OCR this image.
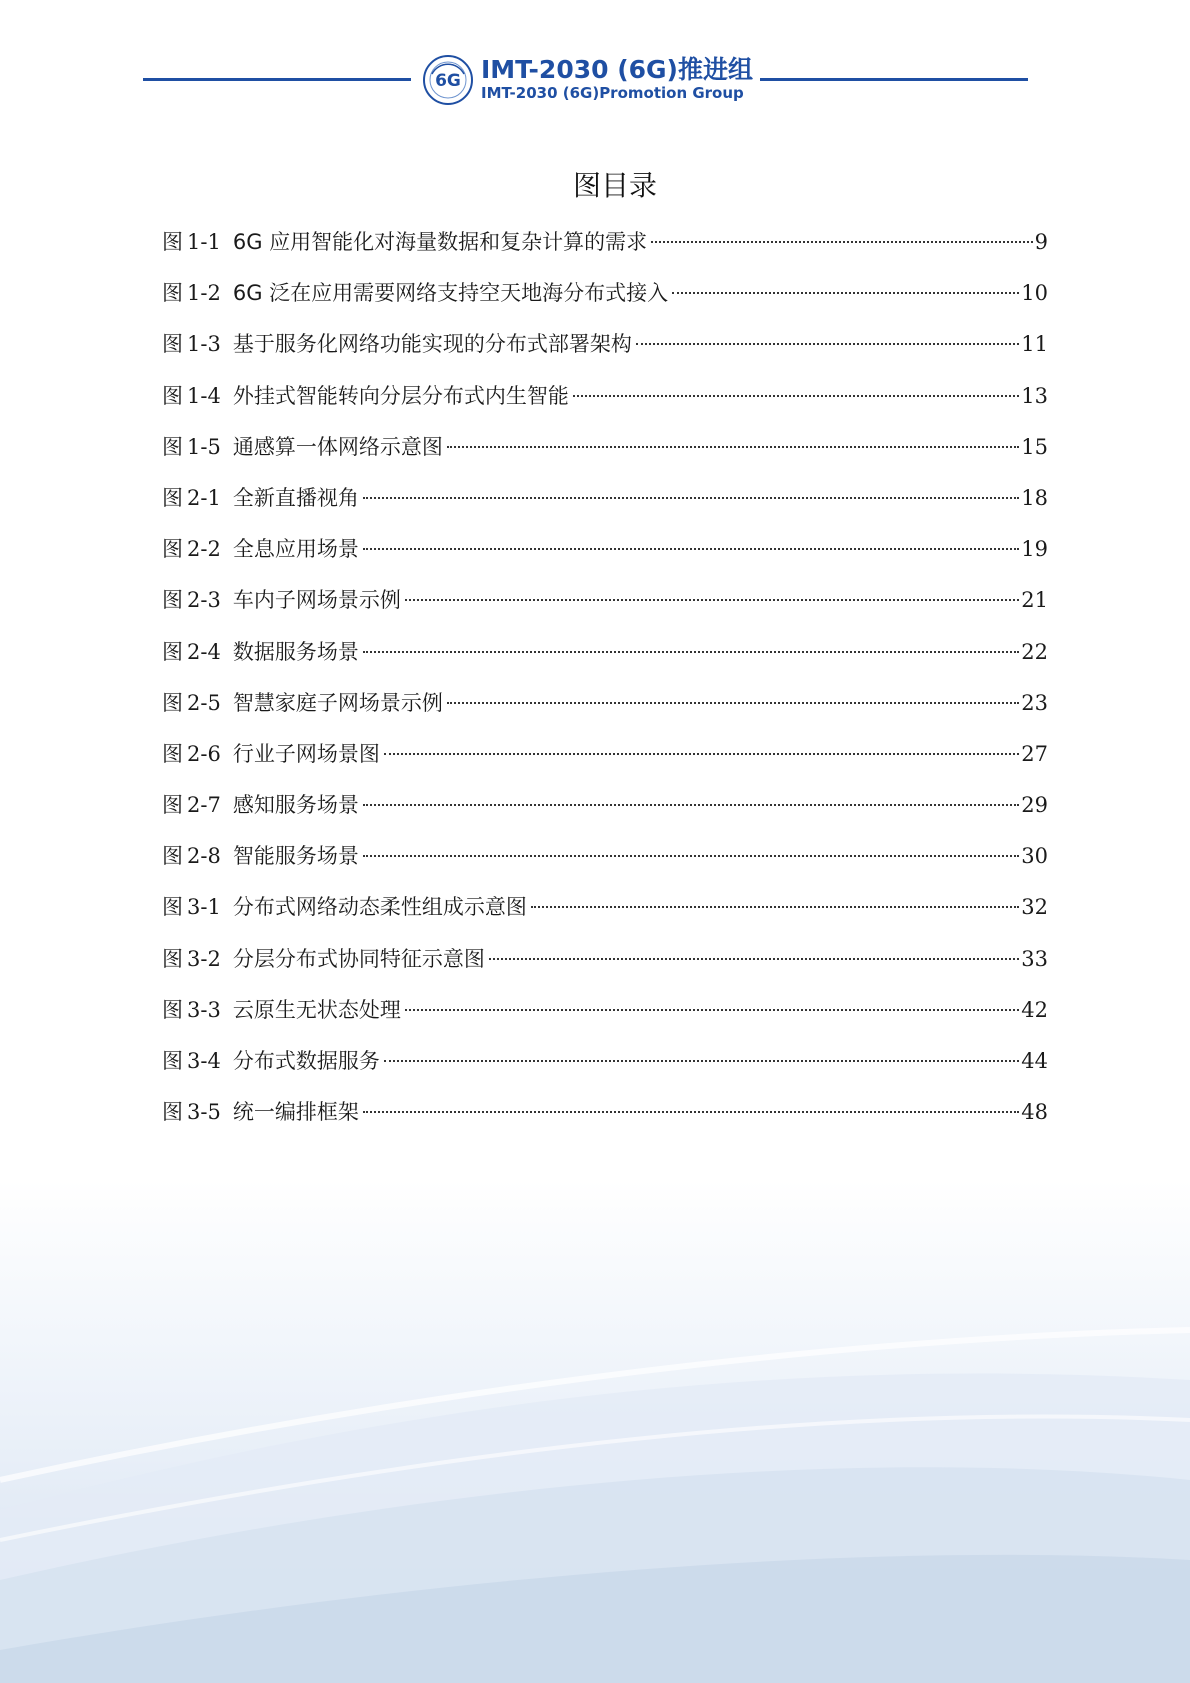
6G IMT-2030 (6G)推进组
IMT-2030 (6G)Promotion Group
图目录
图 1-1 6G 应用智能化对海量数据和复杂计算的需求	9
图 1-2 6G 泛在应用需要网络支持空天地海分布式接入	10
图 1-3 基于服务化网络功能实现的分布式部署架构	11
图 1-4 外挂式智能转向分层分布式内生智能	13
图 1-5 通感算一体网络示意图	15
图 2-1 全新直播视角	18
图 2-2 全息应用场景	19
图 2-3 车内子网场景示例	21
图 2-4 数据服务场景	22
图 2-5 智慧家庭子网场景示例	23
图 2-6 行业子网场景图	27
图 2-7 感知服务场景	29
图 2-8 智能服务场景	30
图 3-1 分布式网络动态柔性组成示意图	32
图 3-2 分层分布式协同特征示意图	33
图 3-3 云原生无状态处理	42
图 3-4 分布式数据服务	44
图 3-5 统一编排框架	48
